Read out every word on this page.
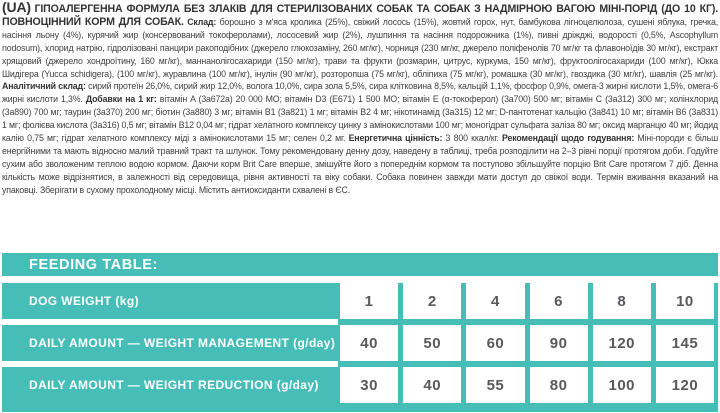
(UA) ГІПОАЛЕРГЕННА ФОРМУЛА БЕЗ ЗЛАКІВ ДЛЯ СТЕРИЛІЗОВАНИХ СОБАК ТА СОБАК З НАДМІРНОЮ ВАГОЮ МІНІ-ПОРІД (ДО 10 КГ). ПОВНОЦІННИЙ КОРМ ДЛЯ СОБАК. Склад: борошно з м'яса кролика (25%), свіжий лосось (15%), жовтий горох, нут, бамбукова лігноцелюлоза, сушені яблука, гречка, насіння льону (4%), курячий жир (консервований токоферолами), лососевий жир (2%), лушпиння та насіння подорожника (1%), пивні дріжджі, водорості (0,5%, Ascophyllum nodosum), хлорид натрію, гідролізовані панцири ракоподібних (джерело глюкозаміну, 260 мг/кг), чорниця (230 мг/кг, джерело поліфенолів 70 мг/кг та флавоноїдів 30 мг/кг), екстракт хрящовий (джерело хондроїтину, 160 мг/кг), маннанолігосахариди (150 мг/кг), трави та фрукти (розмарин, цитрус, куркума, 150 мг/кг), фруктоолігосахариди (100 мг/кг), Юкка Шидігера (Yucca schidigera), (100 мг/кг), журавлина (100 мг/кг), інулін (90 мг/кг), розторопша (75 мг/кг), обліпиха (75 мг/кг), ромашка (30 мг/кг), гвоздика (30 мг/кг), шавлія (25 мг/кг). Аналітичний склад: сирий протеїн 26,0%, сирий жир 12,0%, волога 10,0%, сира зола 5,5%, сира клітковина 8,5%, кальцій 1,1%, фосфор 0,9%, омега-3 жирні кислоти 1,5%, омега-6 жирні кислоти 1,3%. Добавки на 1 кг: вітамін A (3a672a) 20 000 МО; вітамін D3 (E671) 1 500 МО; вітамін E (α-токоферол) (3a700) 500 мг; вітамін C (3a312) 300 мг; холінхлорид (3a890) 700 мг; таурин (3a370) 200 мг; біотин (3a880) 3 мг; вітамін B1 (3a821) 1 мг; вітамін B2 4 мг; нікотинамід (3a315) 12 мг; D-пантотенат кальцію (3a841) 10 мг; вітамін B6 (3a831) 1 мг; фолієва кислота (3a316) 0,5 мг; вітамін B12 0,04 мг; гідрат хелатного комплексу цинку з амінокислотами 100 мг; моногідрат сульфата заліза 80 мг; оксид марганцю 40 мг; йодид калію 0,75 мг; гідрат хелатного комплексу міді з амінокислотами 15 мг; селен 0,2 мг. Енергетична цінність: 3 800 ккал/кг. Рекомендації щодо годування: Міні-породи є більш енергійними та мають відносно малий травний тракт та шлунок. Тому рекомендовану денну дозу, наведену в таблиці, треба розподілити на 2–3 рівні порції протягом доби. Годуйте сухим або зволоженим теплою водою кормом. Даючи корм Brit Care вперше, змішуйте його з попереднім кормом та поступово збільшуйте порцію Brit Care протягом 7 діб. Денна кількість може відрізнятися, в залежності від середовища, рівня активності та віку собаки. Собака повинен завжди мати доступ до свіжої води. Термін вживання вказаний на упаковці. Зберігати в сухому прохолодному місці. Містить антиоксиданти схвалені в ЄС.
FEEDING TABLE:
DOG WEIGHT (kg)	1	2	4	6	8	10
DAILY AMOUNT — WEIGHT MANAGEMENT (g/day)	40	50	60	90	120	145
DAILY AMOUNT — WEIGHT REDUCTION (g/day)	30	40	55	80	100	120
